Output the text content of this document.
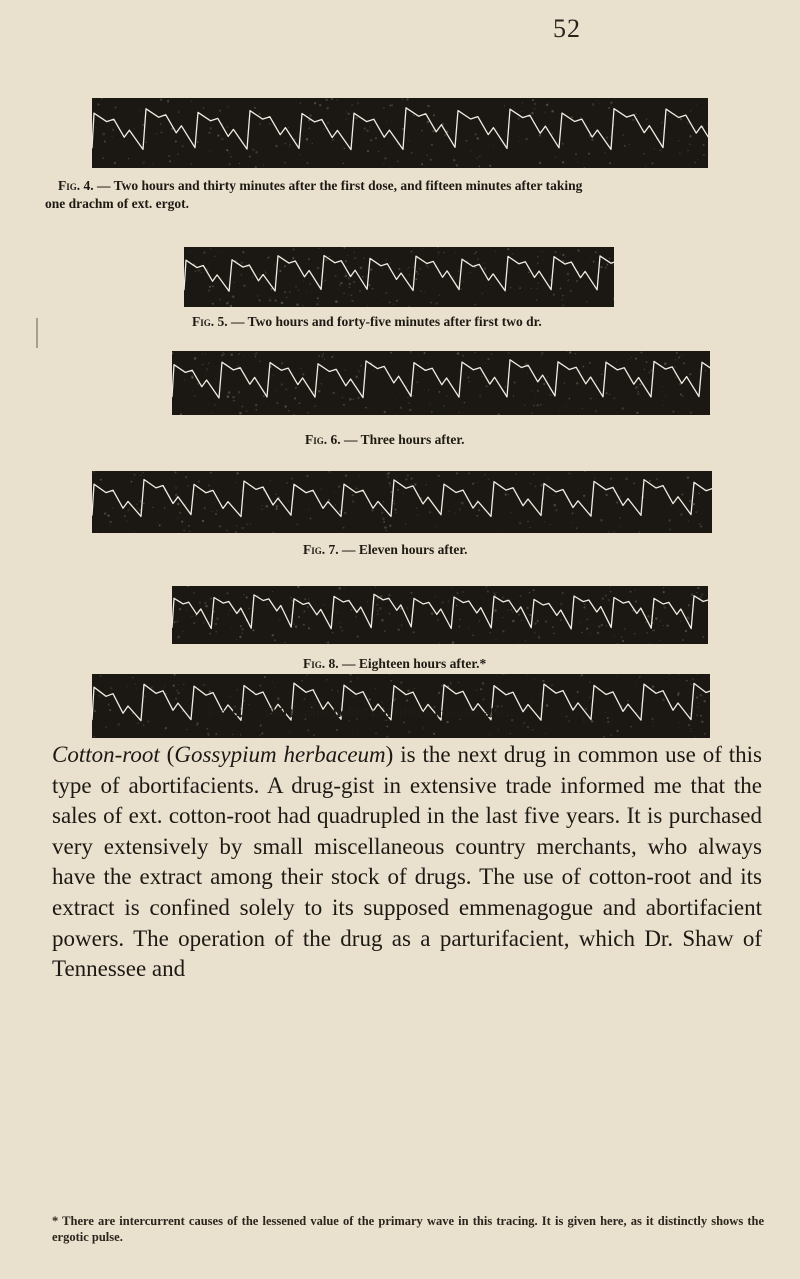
52
Fig. 4. — Two hours and thirty minutes after the first dose, and fifteen minutes after taking
one drachm of ext. ergot.
Fig. 5. — Two hours and forty-five minutes after first two dr.
Fig. 6. — Three hours after.
Fig. 7. — Eleven hours after.
Fig. 8. — Eighteen hours after.*
Fig. 9. — Thirty-nine hours and fifteen minutes after.

Cotton-root (Gossypium herbaceum) is the next drug in common use of this type of abortifacients. A drug-gist in extensive trade informed me that the sales of ext. cotton-root had quadrupled in the last five years. It is purchased very extensively by small miscellaneous country merchants, who always have the extract among their stock of drugs. The use of cotton-root and its extract is confined solely to its supposed emmenagogue and abortifacient powers. The operation of the drug as a parturifacient, which Dr. Shaw of Tennessee and

* There are intercurrent causes of the lessened value of the primary wave in this tracing. It is given here, as it distinctly shows the ergotic pulse.
